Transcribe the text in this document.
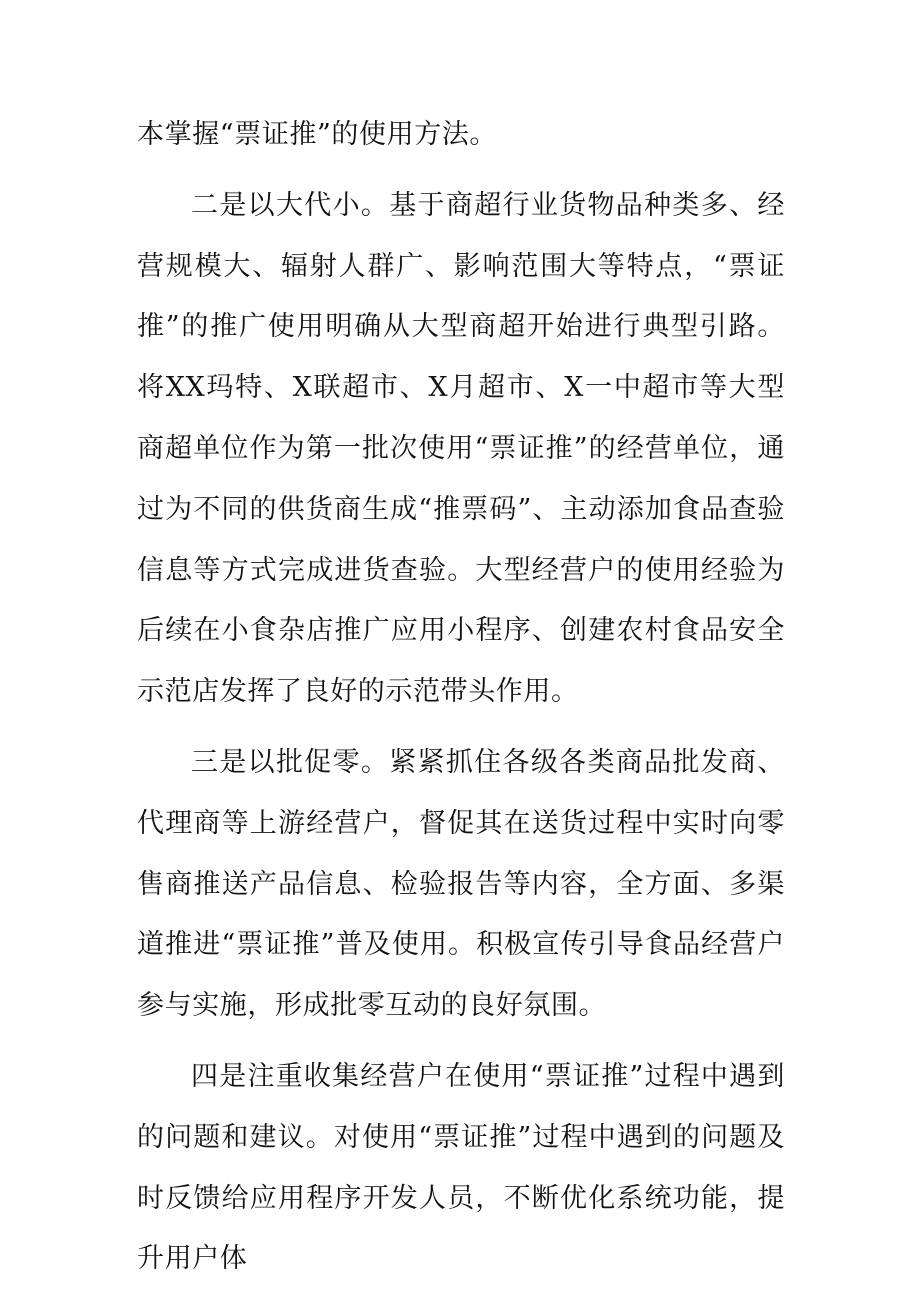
本掌握“票证推”的使用方法。

二是以大代小。基于商超行业货物品种类多、经营规模大、辐射人群广、影响范围大等特点，“票证推”的推广使用明确从大型商超开始进行典型引路。将XX玛特、X联超市、X月超市、X一中超市等大型商超单位作为第一批次使用“票证推”的经营单位，通过为不同的供货商生成“推票码”、主动添加食品查验信息等方式完成进货查验。大型经营户的使用经验为后续在小食杂店推广应用小程序、创建农村食品安全示范店发挥了良好的示范带头作用。

三是以批促零。紧紧抓住各级各类商品批发商、代理商等上游经营户，督促其在送货过程中实时向零售商推送产品信息、检验报告等内容，全方面、多渠道推进“票证推”普及使用。积极宣传引导食品经营户参与实施，形成批零互动的良好氛围。

四是注重收集经营户在使用“票证推”过程中遇到的问题和建议。对使用“票证推”过程中遇到的问题及时反馈给应用程序开发人员，不断优化系统功能，提升用户体
